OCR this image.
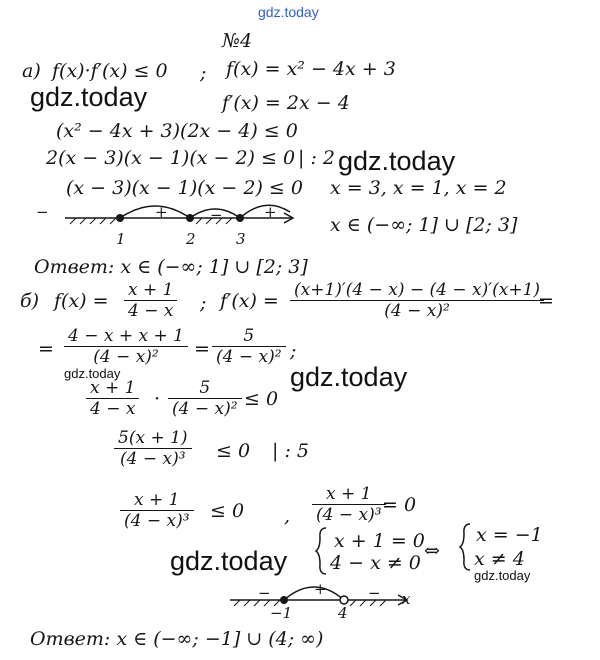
gdz.today
№4
a) f(x)·f′(x) ≤ 0 ; f(x) = x² − 4x + 3
f′(x) = 2x − 4
(x² − 4x + 3)(2x − 4) ≤ 0
2(x − 3)(x − 1)(x − 2) ≤ 0 | : 2
(x − 3)(x − 1)(x − 2) ≤ 0 x = 3, x = 1, x = 2
−	+	−	+
1	2	3
x ∈ (−∞; 1] ∪ [2; 3]
Ответ: x ∈ (−∞; 1] ∪ [2; 3]
б) $f(x) = \frac{x + 1}{4 - x}$ ; $f'(x) = \frac{(x+1)'(4 - x) - (4 - x)'(x+1)}{\text{(4 − x)²}}$
=
= $\frac{4 - x + x + 1}{\text{(4 − x)²}} = \frac{5}{\text{(4 − x)²}}$ ;
$\frac{x + 1}{4 - x} \cdot \frac{5}{\text{(4 − x)²}} \le 0$
$\frac{5(x + 1)}{\text{(4 − x)³}} \le 0$ | : 5
$\frac{x + 1}{\text{(4 − x)³}} \le 0$ , $\frac{x + 1}{\text{(4 − x)³}}$
= 0
x + 1 = 0
4 − x ≠ 0
⇔
x = −1
x ≠ 4
−	+	−
−1	4
x
Ответ: x ∈ (−∞; −1] ∪ (4; ∞)
gdz.today
gdz.today
gdz.today
gdz.today
gdz.today
gdz.today
